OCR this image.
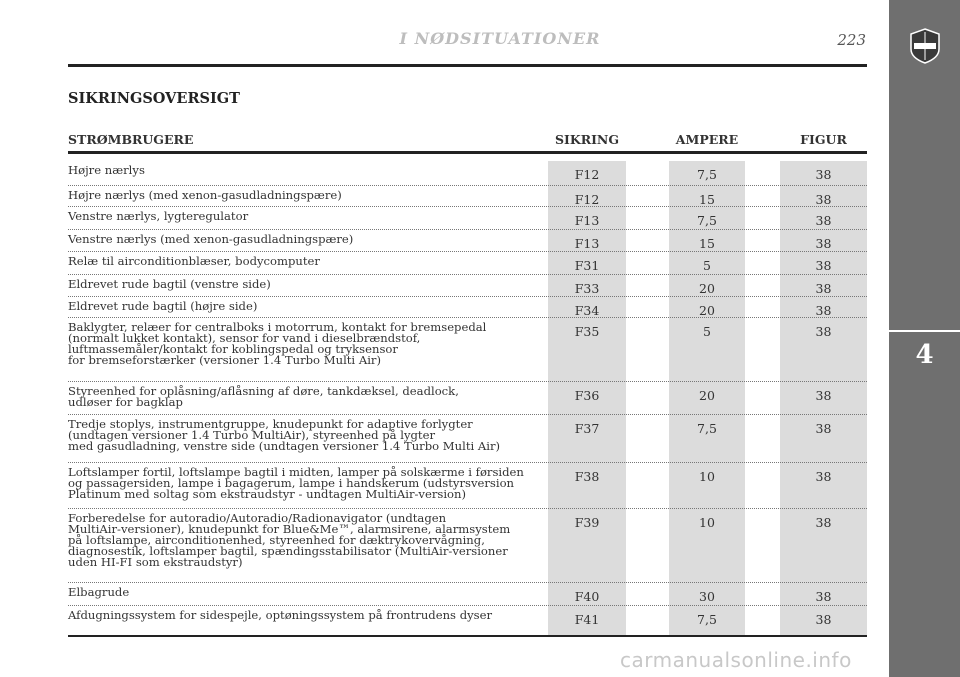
4
I NØDSITUATIONER	223
SIKRINGSOVERSIGT
STRØMBRUGERE	SIKRING	AMPERE	FIGUR
Højre nærlys	F12	7,5	38
Højre nærlys (med xenon-gasudladningspære)	F12	15	38
Venstre nærlys, lygteregulator	F13	7,5	38
Venstre nærlys (med xenon-gasudladningspære)	F13	15	38
Relæ til airconditionblæser, bodycomputer	F31	5	38
Eldrevet rude bagtil (venstre side)	F33	20	38
Eldrevet rude bagtil (højre side)	F34	20	38
Baklygter, relæer for centralboks i motorrum, kontakt for bremsepedal
(normalt lukket kontakt), sensor for vand i dieselbrændstof,
luftmassemåler/kontakt for koblingspedal og tryksensor
for bremseforstærker (versioner 1.4 Turbo Multi Air)
F35	5	38
Styreenhed for oplåsning/aflåsning af døre, tankdæksel, deadlock,
udløser for bagklap	F36	20	38
Tredje stoplys, instrumentgruppe, knudepunkt for adaptive forlygter
(undtagen versioner 1.4 Turbo MultiAir), styreenhed på lygter
med gasudladning, venstre side (undtagen versioner 1.4 Turbo Multi Air)
F37	7,5	38
Loftslamper fortil, loftslampe bagtil i midten, lamper på solskærme i førsiden
og passagersiden, lampe i bagagerum, lampe i handskerum (udstyrsversion
Platinum med soltag som ekstraudstyr - undtagen MultiAir-version)
F38	10	38
Forberedelse for autoradio/Autoradio/Radionavigator (undtagen
MultiAir-versioner), knudepunkt for Blue&Me™, alarmsirene, alarmsystem
på loftslampe, airconditionenhed, styreenhed for dæktrykovervågning,
diagnosestik, loftslamper bagtil, spændingsstabilisator (MultiAir-versioner
uden HI-FI som ekstraudstyr)
F39	10	38
Elbagrude	F40	30	38
Afdugningssystem for sidespejle, optøningssystem på frontrudens dyser	F41	7,5	38
carmanualsonline.info
